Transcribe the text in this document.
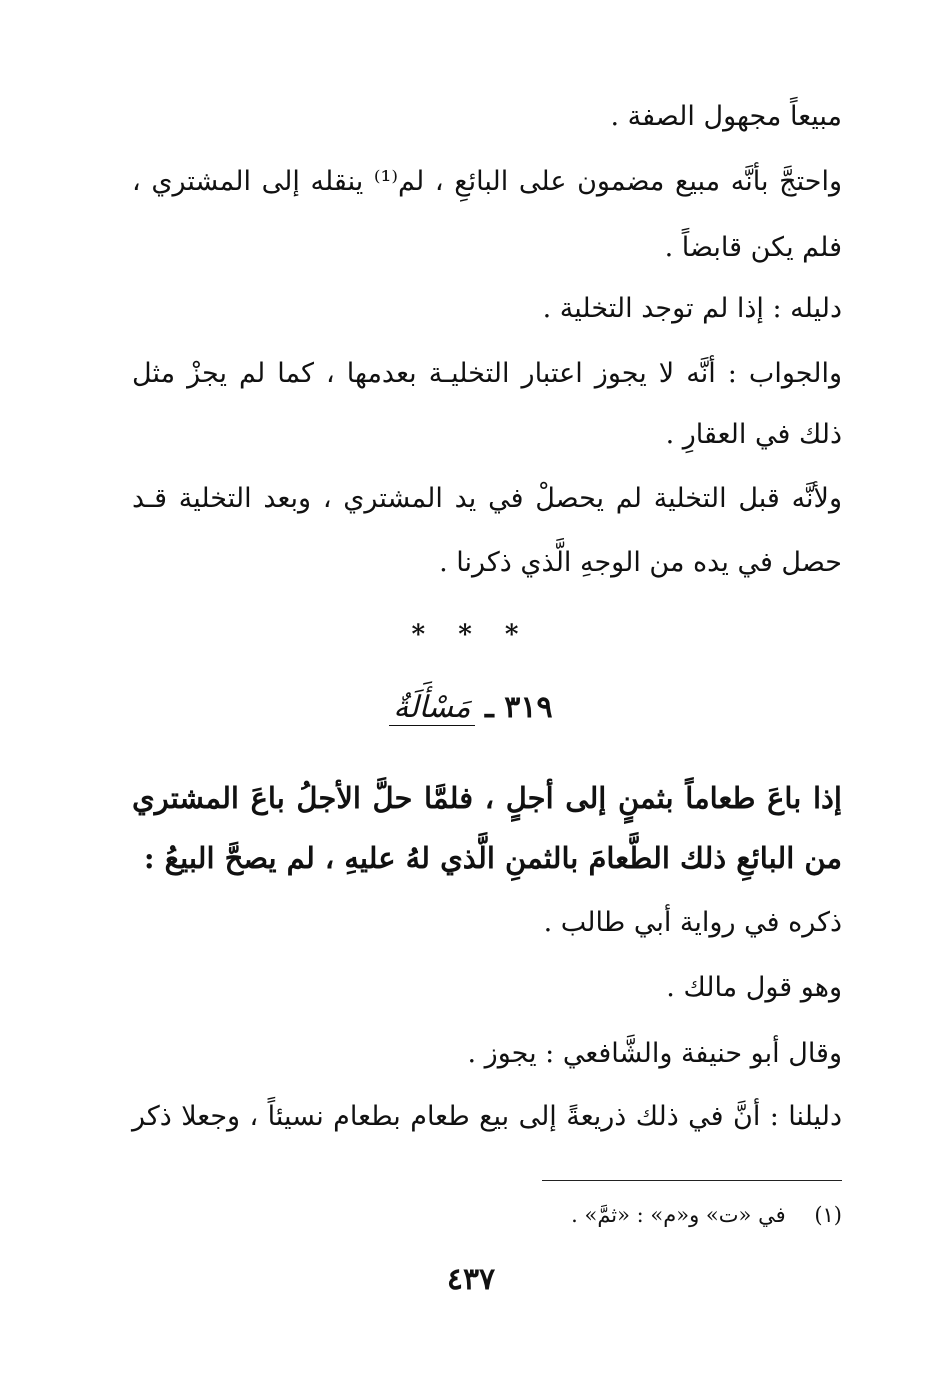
مبيعاً مجهول الصفة .
واحتجَّ بأنَّه مبيع مضمون على البائعِ ، لم⁽¹⁾ ينقله إلى المشتري ،
فلم يكن قابضاً .
دليله : إذا لم توجد التخلية .
والجواب : أنَّه لا يجوز اعتبار التخليـة بعدمها ، كما لم يجزْ مثل
ذلك في العقارِ .
ولأنَّه قبل التخلية لم يحصلْ في يد المشتري ، وبعد التخلية قـد
حصل في يده من الوجهِ الَّذي ذكرنا .
* * *
٣١٩ ـ مَسْأَلَةٌ
إذا باعَ طعاماً بثمنٍ إلى أجلٍ ، فلمَّا حلَّ الأجلُ باعَ المشتري
من البائعِ ذلك الطَّعامَ بالثمنِ الَّذي لهُ عليهِ ، لم يصحَّ البيعُ :
ذكره في رواية أبي طالب .
وهو قول مالك .
وقال أبو حنيفة والشَّافعي : يجوز .
دليلنا : أنَّ في ذلك ذريعةً إلى بيع طعام بطعام نسيئاً ، وجعلا ذكر
(١) في «ت» و«م» : «ثمَّ» .
٤٣٧
